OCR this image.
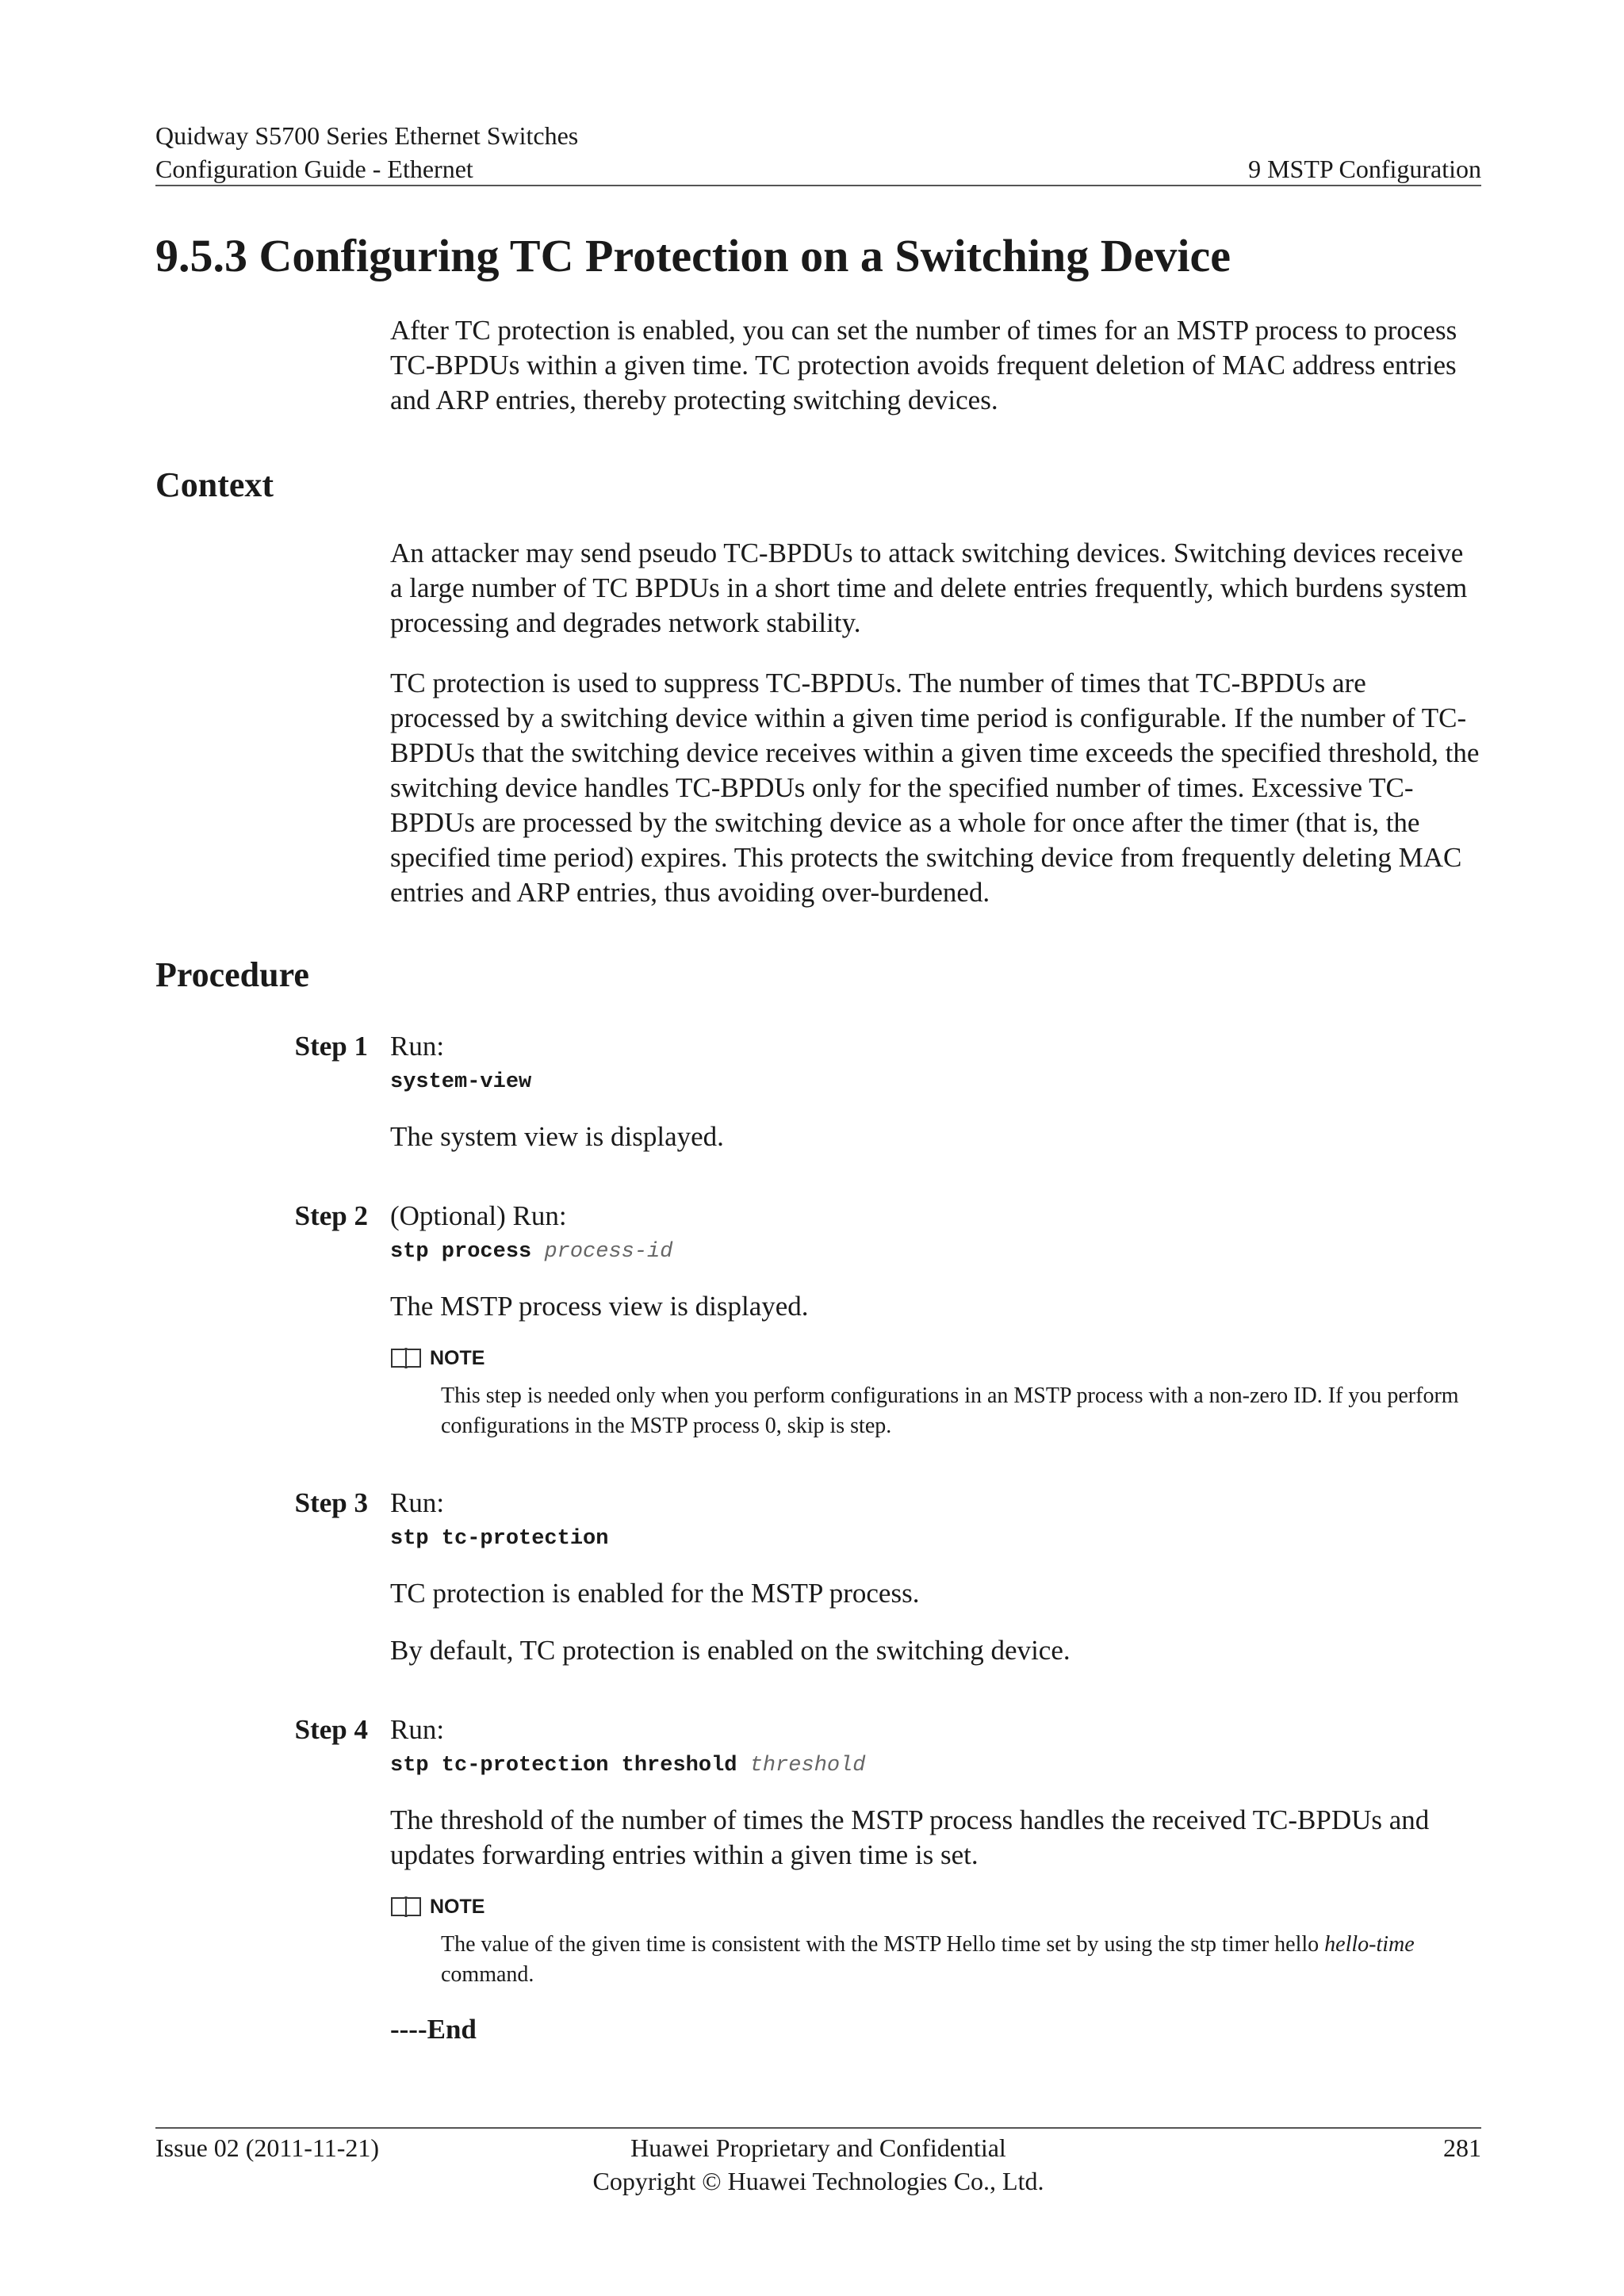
Quidway S5700 Series Ethernet Switches
Configuration Guide - Ethernet	9 MSTP Configuration
9.5.3 Configuring TC Protection on a Switching Device

After TC protection is enabled, you can set the number of times for an MSTP process to process TC-BPDUs within a given time. TC protection avoids frequent deletion of MAC address entries and ARP entries, thereby protecting switching devices.

Context

An attacker may send pseudo TC-BPDUs to attack switching devices. Switching devices receive a large number of TC BPDUs in a short time and delete entries frequently, which burdens system processing and degrades network stability.

TC protection is used to suppress TC-BPDUs. The number of times that TC-BPDUs are processed by a switching device within a given time period is configurable. If the number of TC-BPDUs that the switching device receives within a given time exceeds the specified threshold, the switching device handles TC-BPDUs only for the specified number of times. Excessive TC-BPDUs are processed by the switching device as a whole for once after the timer (that is, the specified time period) expires. This protects the switching device from frequently deleting MAC entries and ARP entries, thus avoiding over-burdened.

Procedure
Step 1 Run:

system-view

The system view is displayed.

Step 2 (Optional) Run:

stp process process-id

The MSTP process view is displayed.

NOTE
This step is needed only when you perform configurations in an MSTP process with a non-zero ID. If you perform configurations in the MSTP process 0, skip is step.
Step 3 Run:

stp tc-protection

TC protection is enabled for the MSTP process.

By default, TC protection is enabled on the switching device.

Step 4 Run:

stp tc-protection threshold threshold

The threshold of the number of times the MSTP process handles the received TC-BPDUs and updates forwarding entries within a given time is set.

NOTE
The value of the given time is consistent with the MSTP Hello time set by using the stp timer hello hello-time command.
----End
Issue 02 (2011-11-21)	281
Huawei Proprietary and Confidential
Copyright © Huawei Technologies Co., Ltd.
